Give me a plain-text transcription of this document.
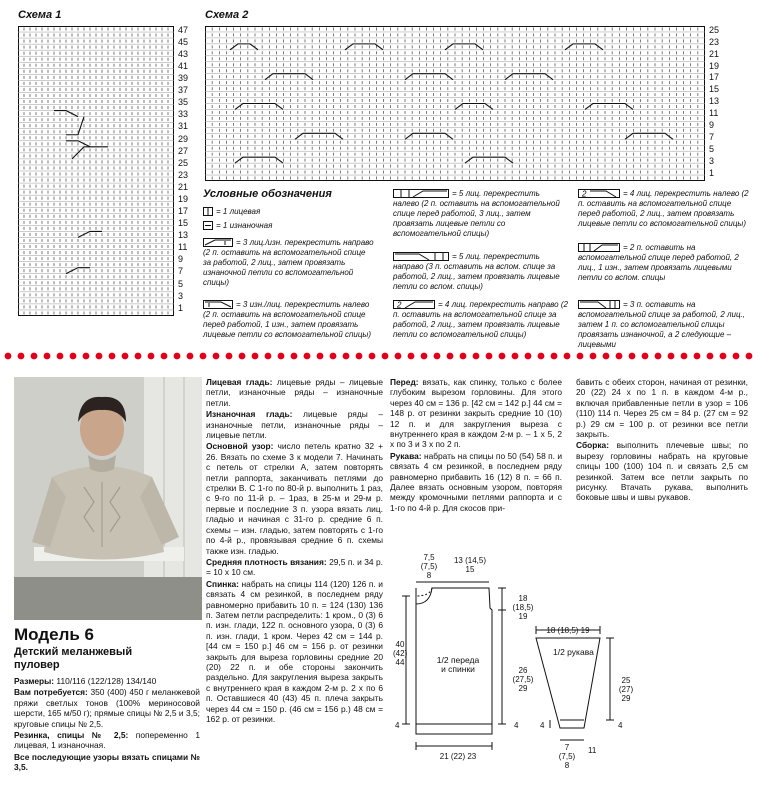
Схема 1
47
45
43
41
39
37
35
33
31
29
27
25
23
21
19
17
15
13
11
9
7
5
3
1
Схема 2
25
23
21
19
17
15
13
11
9
7
5
3
1
Условные обозначения
= 1 лицевая
= 1 изнаночная
= 3 лиц./изн. перекрестить направо (2 п. оставить на вспомогательной спице за работой, 2 лиц., затем провязать изнаночной петли со вспомогательной спицы)
= 3 изн./лиц. перекрестить налево (2 п. оставить на вспомогательной спице перед работой, 1 изн., затем провязать лицевые петли со вспомогательной спицы)
= 5 лиц. перекрестить налево (2 п. оставить на вспомогательной спице перед работой, 3 лиц., затем провязать лицевые петли со вспомогательной спицы)
= 5 лиц. перекрестить направо (3 п. оставить на вспом. спице за работой, 2 лиц., затем провязать лицевые петли со вспом. спицы)
2	= 4 лиц. перекрестить направо (2 п. оставить на вспомогательной спице за работой, 2 лиц., затем провязать лицевые петли со вспомогательной спицы)
2	= 4 лиц. перекрестить налево (2 п. оставить на вспомогательной спице перед работой, 2 лиц., затем провязать лицевые петли со вспомогательной спицы)
= 2 п. оставить на вспомогательной спице перед работой, 2 лиц., 1 изн., затем провязать лицевыми петли со вспом. спицы
= 3 п. оставить на вспомогательной спице за работой, 2 лиц., затем 1 п. со вспомогательной спицы провязать изнаночной, а 2 следующие – лицевыми
Модель 6
Детский меланжевый
пуловер

Размеры: 110/116 (122/128) 134/140

Вам потребуется: 350 (400) 450 г меланжевой пряжи светлых тонов (100% мериносовой шерсти, 165 м/50 г); прямые спицы № 2,5 и 3,5; круговые спицы № 2,5.

Резинка, спицы № 2,5: попеременно 1 лицевая, 1 изнаночная.

Все последующие узоры вязать спицами № 3,5.

Лицевая гладь: лицевые ряды – лицевые петли, изнаночные ряды – изнаночные петли.

Изнаночная гладь: лицевые ряды – изнаночные петли, изнаночные ряды – лицевые петли.

Основной узор: число петель кратно 32 + 26. Вязать по схеме 3 к модели 7. Начинать с петель от стрелки А, затем повторять петли раппорта, заканчивать петлями до стрелки В. С 1-го по 80-й р. выполнить 1 раз, с 9-го по 11-й р. – 1раз, в 25-м и 29-м р. первые и последние 3 п. узора вязать лиц. гладью и начиная с 31-го р. средние 6 п. схемы – изн. гладью, затем повторять с 1-го по 4-й р., провязывая средние 6 п. схемы также изн. гладью.

Средняя плотность вязания: 29,5 п. и 34 р. = 10 х 10 см.

Спинка: набрать на спицы 114 (120) 126 п. и связать 4 см резинкой, в последнем ряду равномерно прибавить 10 п. = 124 (130) 136 п. Затем петли распределить: 1 кром., 0 (3) 6 п. изн. глади, 122 п. основного узора, 0 (3) 6 п. изн. глади, 1 кром. Через 42 см = 144 р. [44 см = 150 р.] 46 см = 156 р. от резинки закрыть для выреза горловины средние 20 (20) 22 п. и обе стороны закончить раздельно. Для закругления выреза закрыть с внутреннего края в каждом 2-м р. 2 х по 6 п. Оставшиеся 40 (43) 45 п. плеча закрыть через 44 см = 150 р. (46 см = 156 р.) 48 см = 162 р. от резинки.

Перед: вязать, как спинку, только с более глубоким вырезом горловины. Для этого через 40 см = 136 р. [42 см = 142 р.] 44 см = 148 р. от резинки закрыть средние 10 (10) 12 п. и для закругления выреза с внутреннего края в каждом 2-м р. – 1 х 5, 2 х по 3 и 3 х по 2 п.

Рукава: набрать на спицы по 50 (54) 58 п. и связать 4 см резинкой, в последнем ряду равномерно прибавить 16 (12) 8 п. = 66 п. Далее вязать основным узором, повторяя между кромочными петлями раппорта и с 1-го по 4-й р. Для скосов при-

бавить с обеих сторон, начиная от резинки, 20 (22) 24 х по 1 п. в каждом 4-м р., включая прибавленные петли в узор = 106 (110) 114 п. Через 25 см = 84 р. (27 см = 92 р.) 29 см = 100 р. от резинки все петли закрыть.

Сборка: выполнить плечевые швы; по вырезу горловины набрать на круговые спицы 100 (100) 104 п. и связать 2,5 см резинкой. Затем все петли закрыть по рисунку. Втачать рукава, выполнить боковые швы и швы рукавов.

7,5
(7,5)
8
13 (14,5)
15
18
(18,5)
19
26
(27,5)
29
4
40
(42)
44
4
1/2 переда
и спинки
21 (22) 23
18 (18,5) 19
1/2 рукава
25
(27)
29
4	4
7
(7,5)
8
11
